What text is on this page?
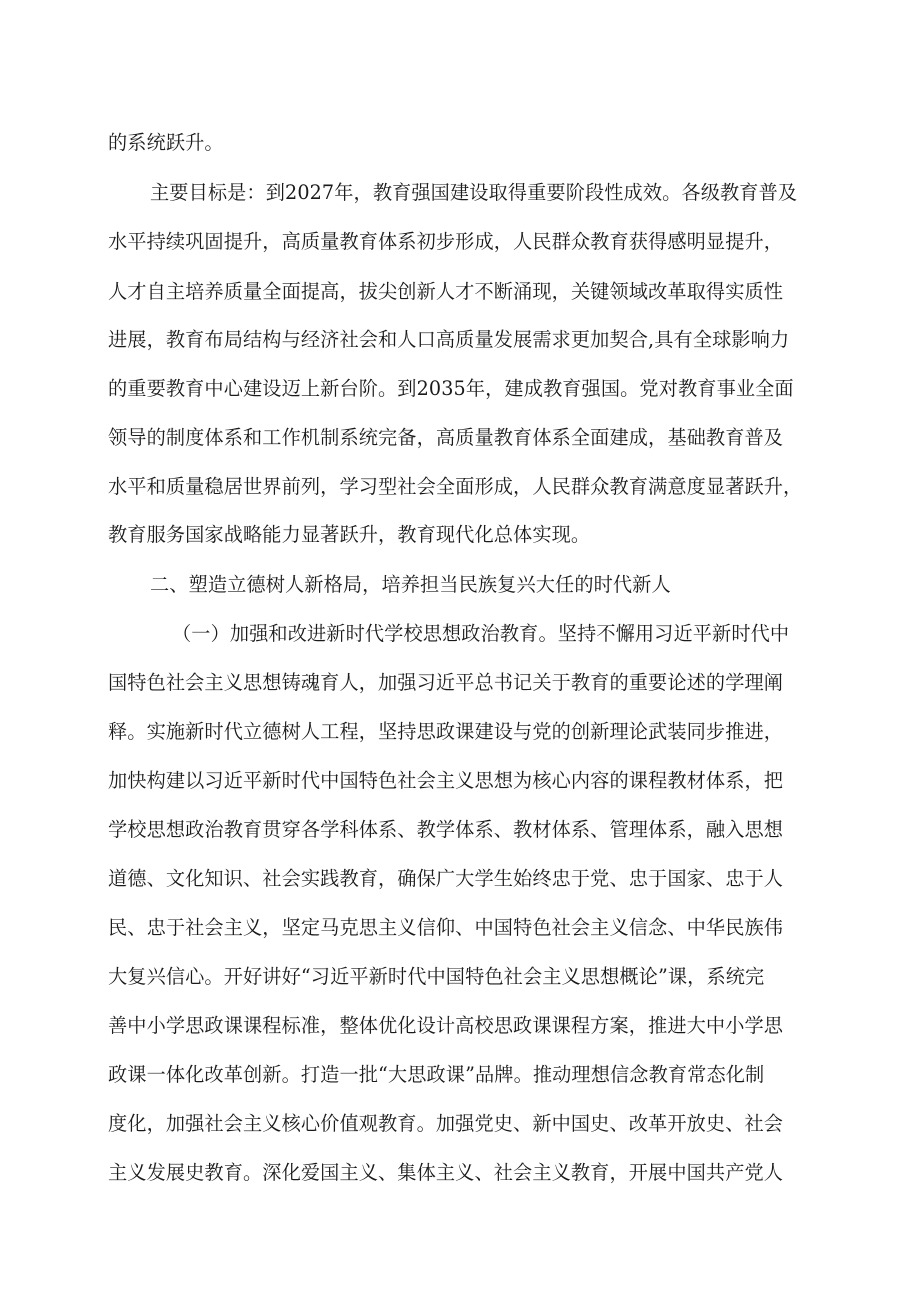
的系统跃升。

主要目标是：到2027年，教育强国建设取得重要阶段性成效。各级教育普及

水平持续巩固提升，高质量教育体系初步形成，人民群众教育获得感明显提升，

人才自主培养质量全面提高，拔尖创新人才不断涌现，关键领域改革取得实质性

进展，教育布局结构与经济社会和人口高质量发展需求更加契合,具有全球影响力

的重要教育中心建设迈上新台阶。到2035年，建成教育强国。党对教育事业全面

领导的制度体系和工作机制系统完备，高质量教育体系全面建成，基础教育普及

水平和质量稳居世界前列，学习型社会全面形成，人民群众教育满意度显著跃升，

教育服务国家战略能力显著跃升，教育现代化总体实现。

二、塑造立德树人新格局，培养担当民族复兴大任的时代新人

（一）加强和改进新时代学校思想政治教育。坚持不懈用习近平新时代中

国特色社会主义思想铸魂育人，加强习近平总书记关于教育的重要论述的学理阐

释。实施新时代立德树人工程，坚持思政课建设与党的创新理论武装同步推进，

加快构建以习近平新时代中国特色社会主义思想为核心内容的课程教材体系，把

学校思想政治教育贯穿各学科体系、教学体系、教材体系、管理体系，融入思想

道德、文化知识、社会实践教育，确保广大学生始终忠于党、忠于国家、忠于人

民、忠于社会主义，坚定马克思主义信仰、中国特色社会主义信念、中华民族伟

大复兴信心。开好讲好“习近平新时代中国特色社会主义思想概论”课，系统完

善中小学思政课课程标准，整体优化设计高校思政课课程方案，推进大中小学思

政课一体化改革创新。打造一批“大思政课”品牌。推动理想信念教育常态化制

度化，加强社会主义核心价值观教育。加强党史、新中国史、改革开放史、社会

主义发展史教育。深化爱国主义、集体主义、社会主义教育，开展中国共产党人
